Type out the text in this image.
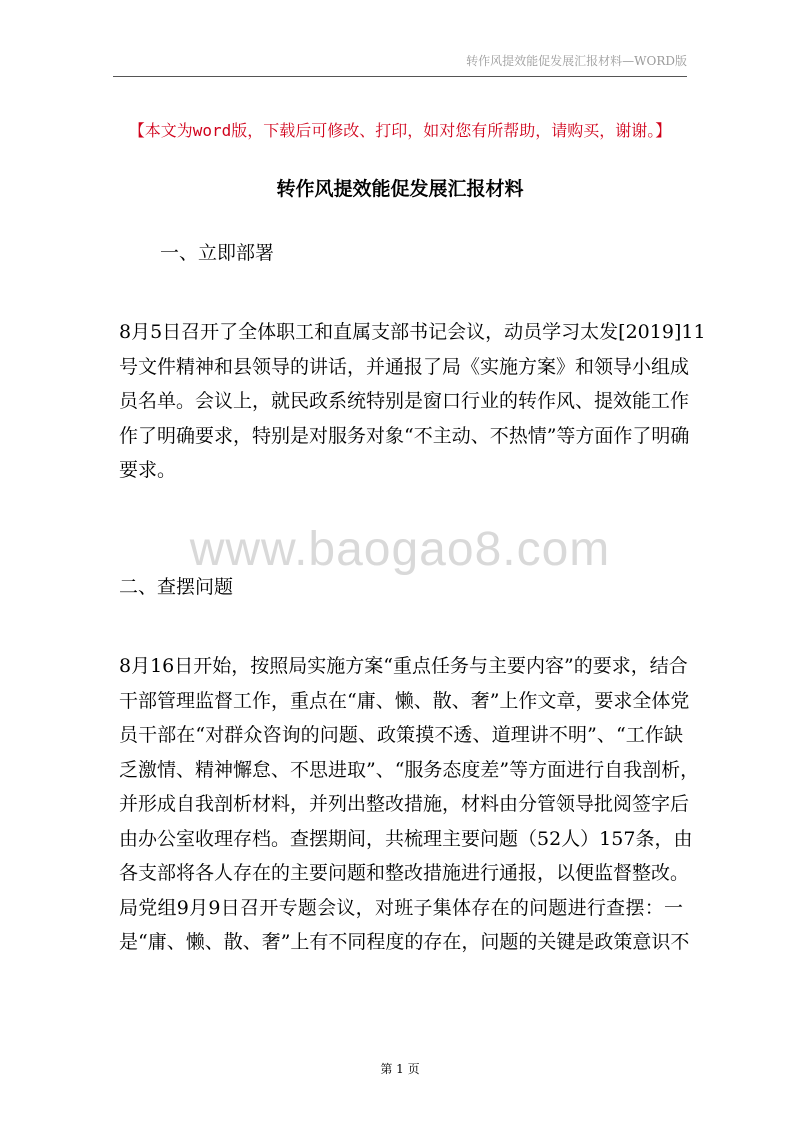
转作风提效能促发展汇报材料—WORD版
【本文为word版，下载后可修改、打印，如对您有所帮助，请购买，谢谢。】
转作风提效能促发展汇报材料
一、立即部署
8月5日召开了全体职工和直属支部书记会议，动员学习太发[2019]11
号文件精神和县领导的讲话，并通报了局《实施方案》和领导小组成
员名单。会议上，就民政系统特别是窗口行业的转作风、提效能工作
作了明确要求，特别是对服务对象“不主动、不热情”等方面作了明确
要求。
www.baogao8.com
二、查摆问题
8月16日开始，按照局实施方案“重点任务与主要内容”的要求，结合
干部管理监督工作，重点在“庸、懒、散、奢”上作文章，要求全体党
员干部在“对群众咨询的问题、政策摸不透、道理讲不明”、“工作缺
乏激情、精神懈怠、不思进取”、“服务态度差”等方面进行自我剖析，
并形成自我剖析材料，并列出整改措施，材料由分管领导批阅签字后
由办公室收理存档。查摆期间，共梳理主要问题（52人）157条，由
各支部将各人存在的主要问题和整改措施进行通报，以便监督整改。
局党组9月9日召开专题会议，对班子集体存在的问题进行查摆：一
是“庸、懒、散、奢”上有不同程度的存在，问题的关键是政策意识不
第 1 页
